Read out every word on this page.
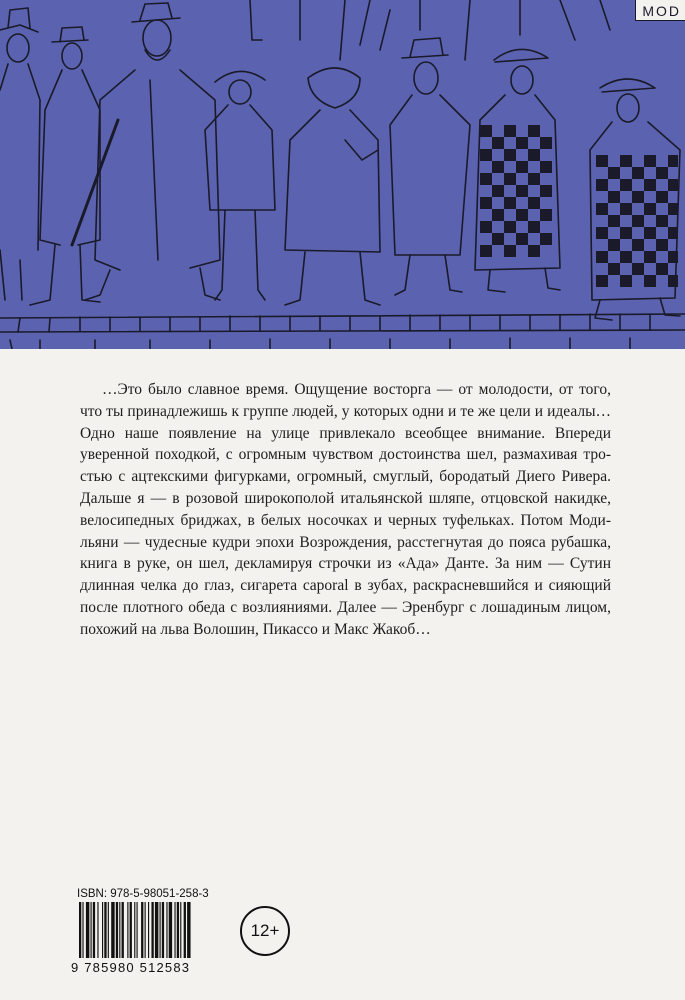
MOD

…Это было славное время. Ощущение восторга — от молодости, от того,
что ты принадлежишь к группе людей, у которых одни и те же цели и идеалы…
Одно наше появление на улице привлекало всеобщее внимание. Впереди
уверенной походкой, с огромным чувством достоинства шел, размахивая тро-
стью с ацтекскими фигурками, огромный, смуглый, бородатый Диего Ривера.
Дальше я — в розовой широкополой итальянской шляпе, отцовской накидке,
велосипедных бриджах, в белых носочках и черных туфельках. Потом Моди-
льяни — чудесные кудри эпохи Возрождения, расстегнутая до пояса рубашка,
книга в руке, он шел, декламируя строчки из «Ада» Данте. За ним — Сутин
длинная челка до глаз, сигарета caporal в зубах, раскрасневшийся и сияющий
после плотного обеда с возлияниями. Далее — Эренбург с лошадиным лицом,
похожий на льва Волошин, Пикассо и Макс Жакоб…

ISBN: 978-5-98051-258-3
9 785980 512583
12+
